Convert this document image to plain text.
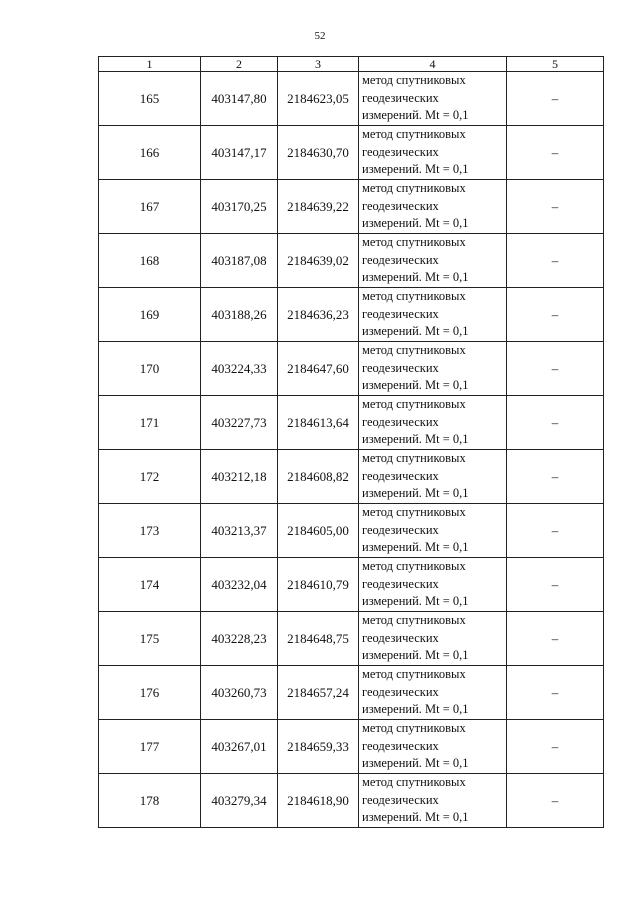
52
1	2	3	4	5
165	403147,80	2184623,05	метод спутниковых
геодезических
измерений. Mt = 0,1	–
166	403147,17	2184630,70	метод спутниковых
геодезических
измерений. Mt = 0,1	–
167	403170,25	2184639,22	метод спутниковых
геодезических
измерений. Mt = 0,1	–
168	403187,08	2184639,02	метод спутниковых
геодезических
измерений. Mt = 0,1	–
169	403188,26	2184636,23	метод спутниковых
геодезических
измерений. Mt = 0,1	–
170	403224,33	2184647,60	метод спутниковых
геодезических
измерений. Mt = 0,1	–
171	403227,73	2184613,64	метод спутниковых
геодезических
измерений. Mt = 0,1	–
172	403212,18	2184608,82	метод спутниковых
геодезических
измерений. Mt = 0,1	–
173	403213,37	2184605,00	метод спутниковых
геодезических
измерений. Mt = 0,1	–
174	403232,04	2184610,79	метод спутниковых
геодезических
измерений. Mt = 0,1	–
175	403228,23	2184648,75	метод спутниковых
геодезических
измерений. Mt = 0,1	–
176	403260,73	2184657,24	метод спутниковых
геодезических
измерений. Mt = 0,1	–
177	403267,01	2184659,33	метод спутниковых
геодезических
измерений. Mt = 0,1	–
178	403279,34	2184618,90	метод спутниковых
геодезических
измерений. Mt = 0,1	–
